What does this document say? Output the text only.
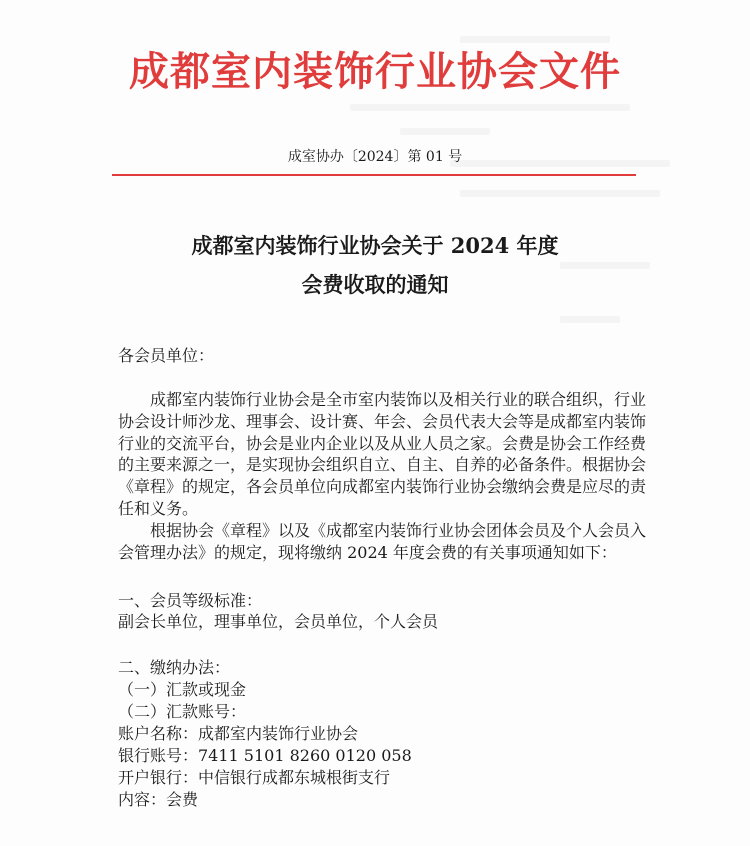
成都室内装饰行业协会文件
成室协办〔2024〕第 01 号
成都室内装饰行业协会关于 2024 年度
会费收取的通知
各会员单位：
成都室内装饰行业协会是全市室内装饰以及相关行业的联合组织，行业协会设计师沙龙、理事会、设计赛、年会、会员代表大会等是成都室内装饰行业的交流平台，协会是业内企业以及从业人员之家。会费是协会工作经费的主要来源之一，是实现协会组织自立、自主、自养的必备条件。根据协会《章程》的规定，各会员单位向成都室内装饰行业协会缴纳会费是应尽的责任和义务。
根据协会《章程》以及《成都室内装饰行业协会团体会员及个人会员入会管理办法》的规定，现将缴纳 2024 年度会费的有关事项通知如下：
一、会员等级标准：
副会长单位，理事单位，会员单位，个人会员
二、缴纳办法：
（一）汇款或现金
（二）汇款账号：
账户名称：成都室内装饰行业协会
银行账号：7411 5101 8260 0120 058
开户银行：中信银行成都东城根街支行
内容：会费
